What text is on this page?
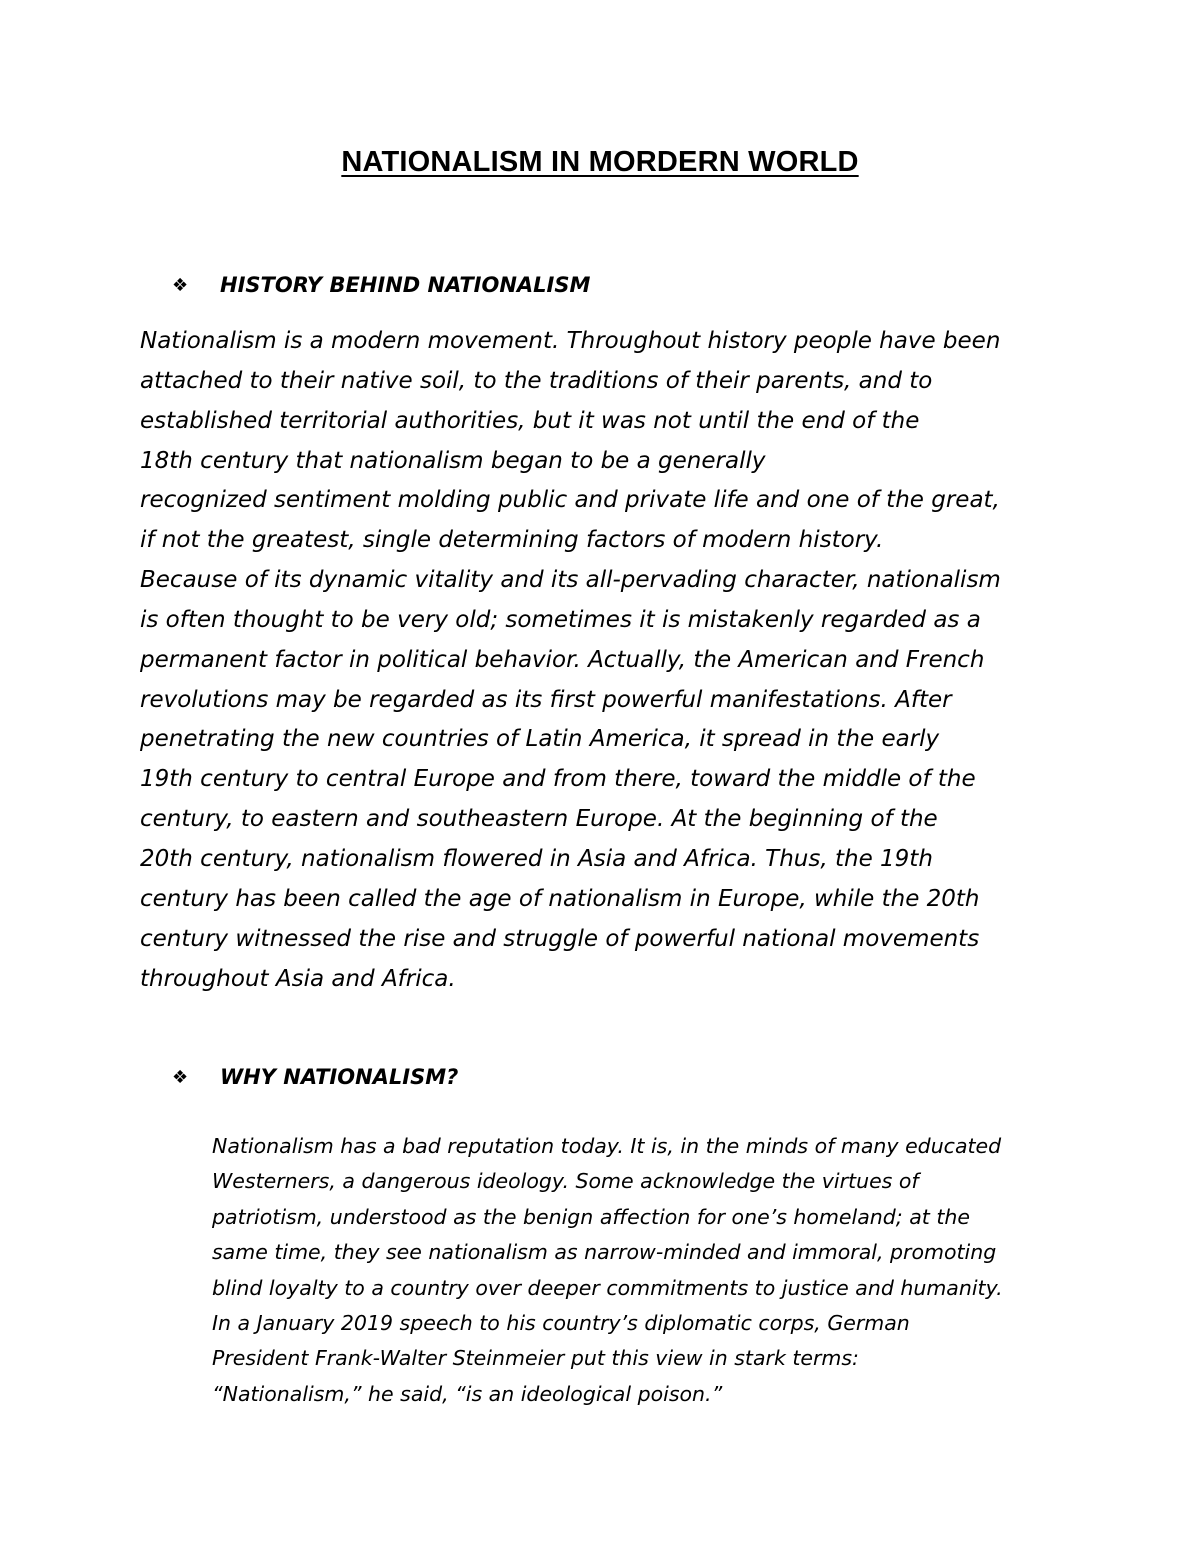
NATIONALISM IN MORDERN WORLD
❖	HISTORY BEHIND NATIONALISM
Nationalism is a modern movement. Throughout history people have been
attached to their native soil, to the traditions of their parents, and to
established territorial authorities, but it was not until the end of the
18th century that nationalism began to be a generally
recognized sentiment molding public and private life and one of the great,
if not the greatest, single determining factors of modern history.
Because of its dynamic vitality and its all-pervading character, nationalism
is often thought to be very old; sometimes it is mistakenly regarded as a
permanent factor in political behavior. Actually, the American and French
revolutions may be regarded as its first powerful manifestations. After
penetrating the new countries of Latin America, it spread in the early
19th century to central Europe and from there, toward the middle of the
century, to eastern and southeastern Europe. At the beginning of the
20th century, nationalism flowered in Asia and Africa. Thus, the 19th
century has been called the age of nationalism in Europe, while the 20th
century witnessed the rise and struggle of powerful national movements
throughout Asia and Africa.
❖	WHY NATIONALISM?
Nationalism has a bad reputation today. It is, in the minds of many educated
Westerners, a dangerous ideology. Some acknowledge the virtues of
patriotism, understood as the benign affection for one’s homeland; at the
same time, they see nationalism as narrow-minded and immoral, promoting
blind loyalty to a country over deeper commitments to justice and humanity.
In a January 2019 speech to his country’s diplomatic corps, German
President Frank-Walter Steinmeier put this view in stark terms:
“Nationalism,” he said, “is an ideological poison.”
